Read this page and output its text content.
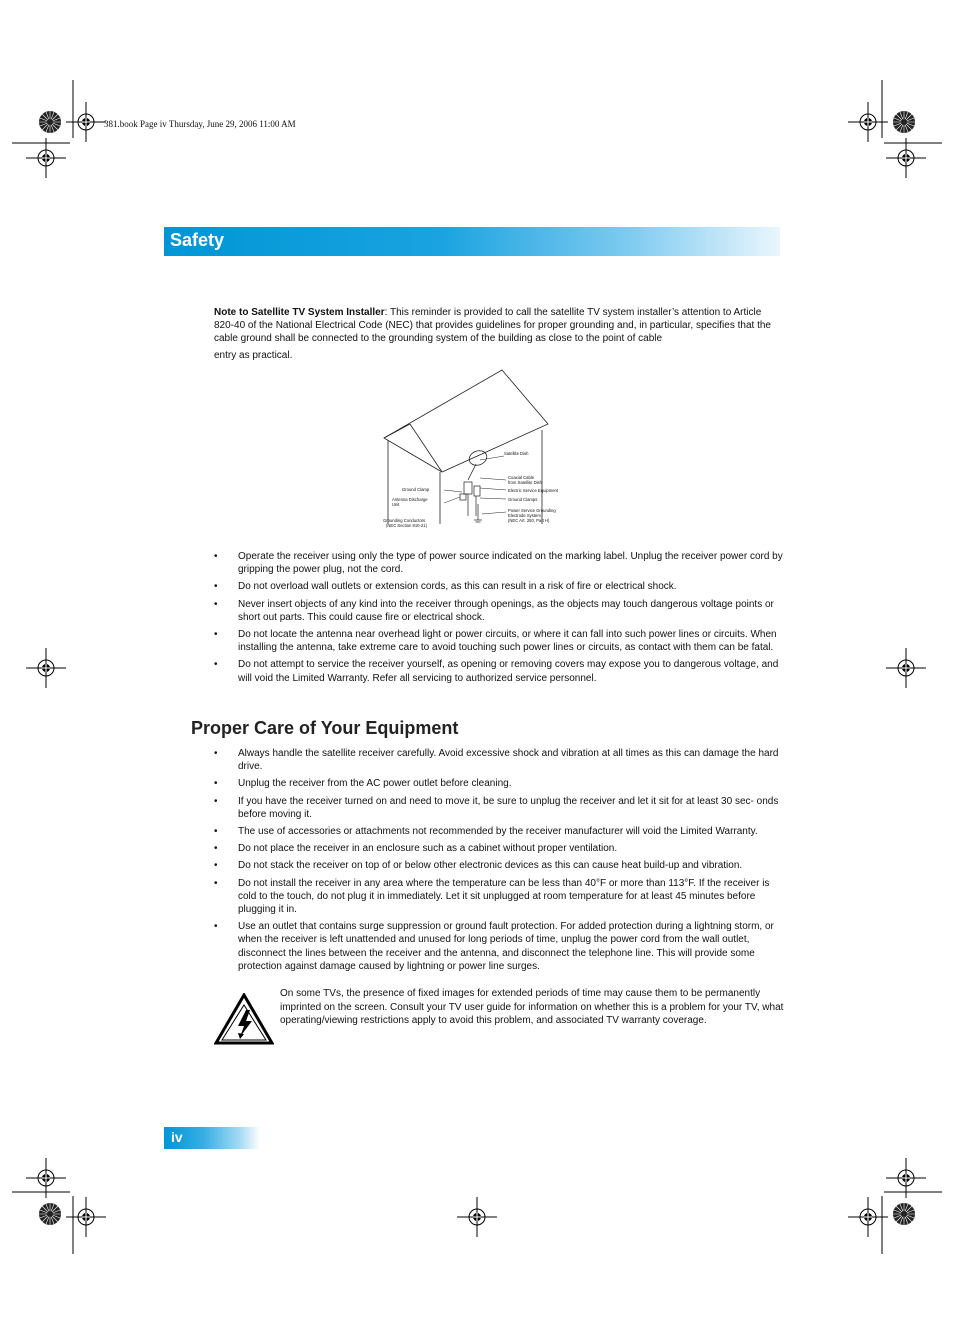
381.book Page iv Thursday, June 29, 2006 11:00 AM
Safety
Note to Satellite TV System Installer: This reminder is provided to call the satellite TV system installer’s attention to Article 820-40 of the National Electrical Code (NEC) that provides guidelines for proper grounding and, in particular, specifies that the cable ground shall be connected to the grounding system of the building as close to the point of cable
entry as practical.
Satellite Dish
Coaxial Cable
from Satellite Dish
Electric Service Equipment
Ground Clamps
Power Service Grounding
Electrode System
(NEC Art. 250, Part H)
Ground Clamp
Antenna Discharge
Unit
Grounding Conductors
(NEC Section 810-21)
• Operate the receiver using only the type of power source indicated on the marking label. Unplug the receiver power cord by gripping the power plug, not the cord.
• Do not overload wall outlets or extension cords, as this can result in a risk of fire or electrical shock.
• Never insert objects of any kind into the receiver through openings, as the objects may touch dangerous voltage points or short out parts. This could cause fire or electrical shock.
• Do not locate the antenna near overhead light or power circuits, or where it can fall into such power lines or circuits. When installing the antenna, take extreme care to avoid touching such power lines or circuits, as contact with them can be fatal.
• Do not attempt to service the receiver yourself, as opening or removing covers may expose you to dangerous voltage, and will void the Limited Warranty. Refer all servicing to authorized service personnel.
Proper Care of Your Equipment
• Always handle the satellite receiver carefully. Avoid excessive shock and vibration at all times as this can damage the hard drive.
• Unplug the receiver from the AC power outlet before cleaning.
• If you have the receiver turned on and need to move it, be sure to unplug the receiver and let it sit for at least 30 sec- onds before moving it.
• The use of accessories or attachments not recommended by the receiver manufacturer will void the Limited Warranty.
• Do not place the receiver in an enclosure such as a cabinet without proper ventilation.
• Do not stack the receiver on top of or below other electronic devices as this can cause heat build-up and vibration.
• Do not install the receiver in any area where the temperature can be less than 40°F or more than 113°F. If the receiver is cold to the touch, do not plug it in immediately. Let it sit unplugged at room temperature for at least 45 minutes before plugging it in.
• Use an outlet that contains surge suppression or ground fault protection. For added protection during a lightning storm, or when the receiver is left unattended and unused for long periods of time, unplug the power cord from the wall outlet, disconnect the lines between the receiver and the antenna, and disconnect the telephone line. This will provide some protection against damage caused by lightning or power line surges.
On some TVs, the presence of fixed images for extended periods of time may cause them to be permanently imprinted on the screen. Consult your TV user guide for information on whether this is a problem for your TV, what operating/viewing restrictions apply to avoid this problem, and associated TV warranty coverage.
iv
